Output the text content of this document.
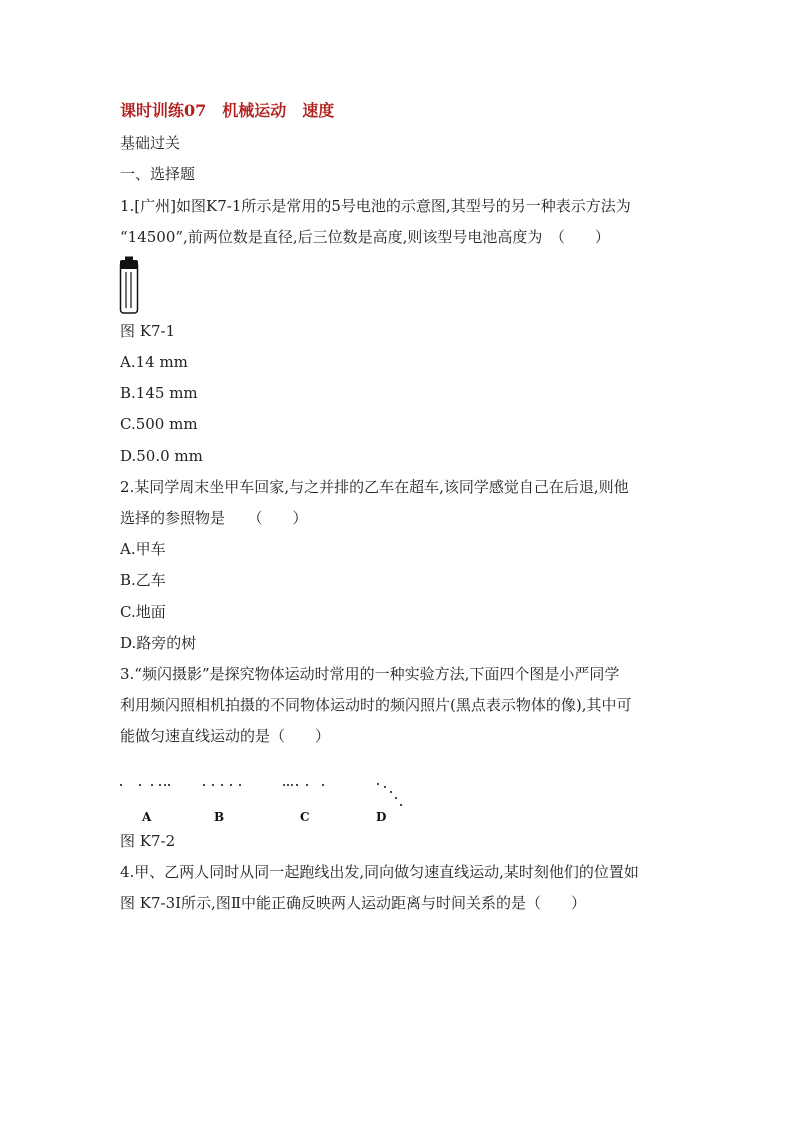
课时训练07　机械运动　速度
基础过关
一、选择题
1.[广州]如图K7-1所示是常用的5号电池的示意图,其型号的另一种表示方法为
“14500”,前两位数是直径,后三位数是高度,则该型号电池高度为　（　　）
图 K7-1
A.14 mm
B.145 mm
C.500 mm
D.50.0 mm
2.某同学周末坐甲车回家,与之并排的乙车在超车,该同学感觉自己在后退,则他
选择的参照物是　　（　　）
A.甲车
B.乙车
C.地面
D.路旁的树
3.“频闪摄影”是探究物体运动时常用的一种实验方法,下面四个图是小严同学
利用频闪照相机拍摄的不同物体运动时的频闪照片(黑点表示物体的像),其中可
能做匀速直线运动的是（　　）
A	B	C	D
图 K7-2
4.甲、乙两人同时从同一起跑线出发,同向做匀速直线运动,某时刻他们的位置如
图 K7-3Ⅰ所示,图Ⅱ中能正确反映两人运动距离与时间关系的是（　　）
